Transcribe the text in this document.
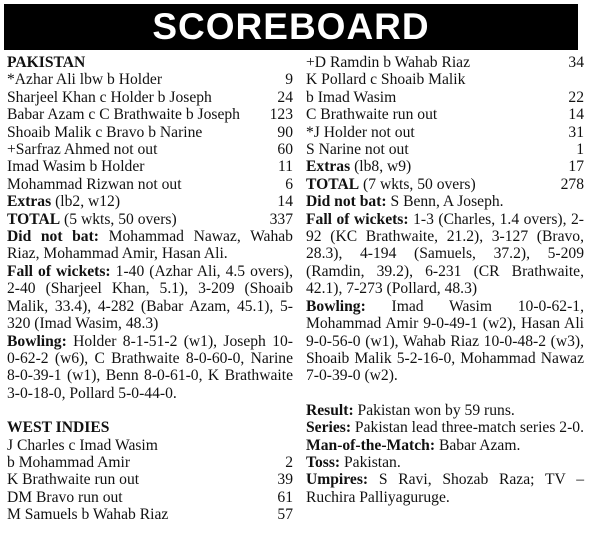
SCOREBOARD
PAKISTAN
*Azhar Ali lbw b Holder	9
Sharjeel Khan c Holder b Joseph	24
Babar Azam c C Brathwaite b Joseph 123
Shoaib Malik c Bravo b Narine	90
+Sarfraz Ahmed not out	60
Imad Wasim b Holder	11
Mohammad Rizwan not out	6
Extras (lb2, w12)	14
TOTAL (5 wkts, 50 overs)	337
Did not bat: Mohammad Nawaz, Wahab Riaz, Mohammad Amir, Hasan Ali.
Fall of wickets: 1-40 (Azhar Ali, 4.5 overs), 2-40 (Sharjeel Khan, 5.1), 3-209 (Shoaib Malik, 33.4), 4-282 (Babar Azam, 45.1), 5-320 (Imad Wasim, 48.3)
Bowling: Holder 8-1-51-2 (w1), Joseph 10-0-62-2 (w6), C Brathwaite 8-0-60-0, Narine 8-0-39-1 (w1), Benn 8-0-61-0, K Brathwaite 3-0-18-0, Pollard 5-0-44-0.
WEST INDIES
J Charles c Imad Wasim
b Mohammad Amir	2
K Brathwaite run out	39
DM Bravo run out	61
M Samuels b Wahab Riaz	57
+D Ramdin b Wahab Riaz	34
K Pollard c Shoaib Malik
b Imad Wasim	22
C Brathwaite run out	14
*J Holder not out	31
S Narine not out	1
Extras (lb8, w9)	17
TOTAL (7 wkts, 50 overs)	278
Did not bat: S Benn, A Joseph.
Fall of wickets: 1-3 (Charles, 1.4 overs), 2-92 (KC Brathwaite, 21.2), 3-127 (Bravo, 28.3), 4-194 (Samuels, 37.2), 5-209 (Ramdin, 39.2), 6-231 (CR Brathwaite, 42.1), 7-273 (Pollard, 48.3)
Bowling: Imad Wasim 10-0-62-1, Mohammad Amir 9-0-49-1 (w2), Hasan Ali 9-0-56-0 (w1), Wahab Riaz 10-0-48-2 (w3), Shoaib Malik 5-2-16-0, Mohammad Nawaz 7-0-39-0 (w2).
Result: Pakistan won by 59 runs.
Series: Pakistan lead three-match series 2-0.
Man-of-the-Match: Babar Azam.
Toss: Pakistan.
Umpires: S Ravi, Shozab Raza; TV – Ruchira Palliyaguruge.
